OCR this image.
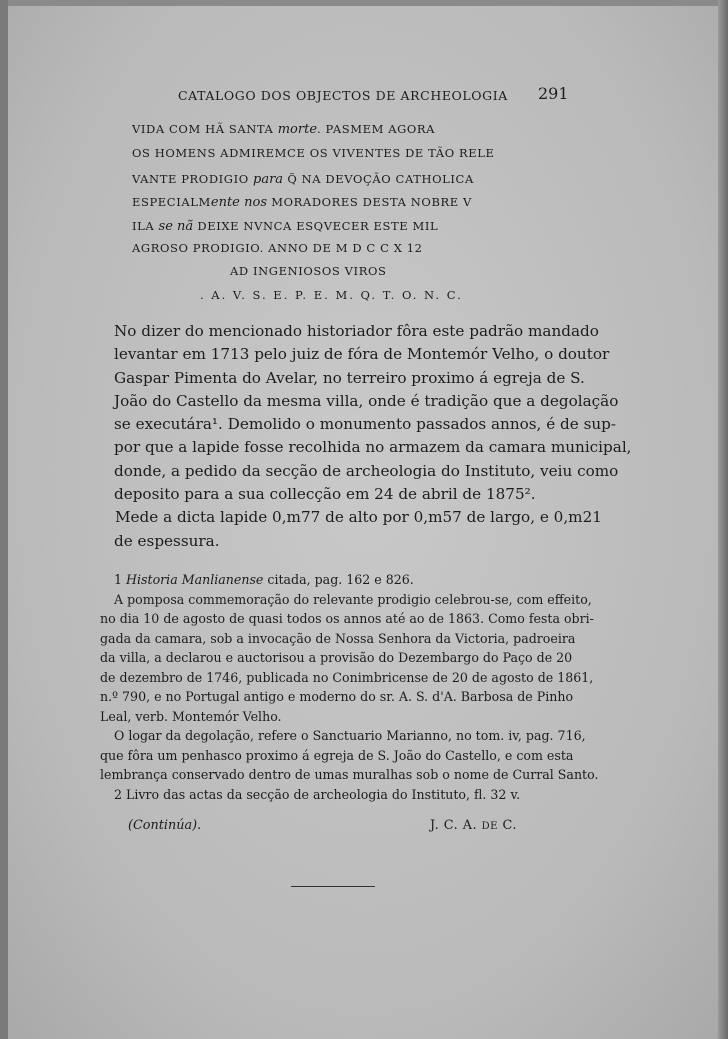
CATALOGO DOS OBJECTOS DE ARCHEOLOGIA 291
VIDA COM HÃ SANTA morte. PASMEM AGORA
OS HOMENS ADMIREMCE OS VIVENTES DE TÃO RELE
VANTE PRODIGIO para Q̃ NA DEVOÇÃO CATHOLICA
ESPECIALMente nos MORADORES DESTA NOBRE V
ILA se nã DEIXE NVNCA ESQVECER ESTE MIL
AGROSO PRODIGIO. ANNO DE M D C C X 12
AD INGENIOSOS VIROS
. A. V. S. E. P. E. M. Q. T. O. N. C.
No dizer do mencionado historiador fôra este padrão mandado
levantar em 1713 pelo juiz de fóra de Montemór Velho, o doutor
Gaspar Pimenta do Avelar, no terreiro proximo á egreja de S.
João do Castello da mesma villa, onde é tradição que a degolação
se executára¹. Demolido o monumento passados annos, é de sup-
por que a lapide fosse recolhida no armazem da camara municipal,
donde, a pedido da secção de archeologia do Instituto, veiu como
deposito para a sua collecção em 24 de abril de 1875².
Mede a dicta lapide 0,m77 de alto por 0,m57 de largo, e 0,m21
de espessura.
1 Historia Manlianense citada, pag. 162 e 826.
A pomposa commemoração do relevante prodigio celebrou-se, com effeito,
no dia 10 de agosto de quasi todos os annos até ao de 1863. Como festa obri-
gada da camara, sob a invocação de Nossa Senhora da Victoria, padroeira
da villa, a declarou e auctorisou a provisão do Dezembargo do Paço de 20
de dezembro de 1746, publicada no Conimbricense de 20 de agosto de 1861,
n.º 790, e no Portugal antigo e moderno do sr. A. S. d'A. Barbosa de Pinho
Leal, verb. Montemór Velho.
O logar da degolação, refere o Sanctuario Marianno, no tom. iv, pag. 716,
que fôra um penhasco proximo á egreja de S. João do Castello, e com esta
lembrança conservado dentro de umas muralhas sob o nome de Curral Santo.
2 Livro das actas da secção de archeologia do Instituto, fl. 32 v.
(Continúa).	J. C. A. DE C.
